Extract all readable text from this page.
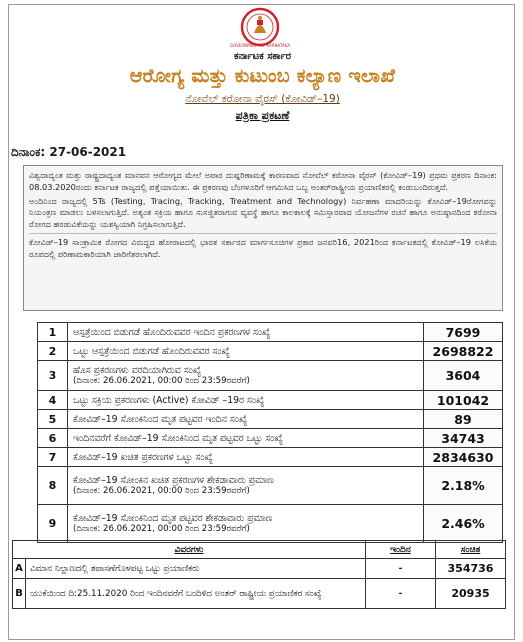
GOVERNMENT OF KARNATAKA
ಕರ್ನಾಟಕ ಸರ್ಕಾರ
ಆರೋಗ್ಯ ಮತ್ತು ಕುಟುಂಬ ಕಲ್ಯಾಣ ಇಲಾಖೆ
ನೋವೆಲ್ ಕರೋನಾ ವೈರಸ್ (ಕೋವಿಡ್–19)
ಪತ್ರಿಕಾ ಪ್ರಕಟಣೆ
ದಿನಾಂಕ: 27-06-2021

ವಿಶ್ವದಾದ್ಯಂತ ಮತ್ತು ರಾಷ್ಟ್ರದಾದ್ಯಂತ ಮಾನವನ ಆರೋಗ್ಯದ ಮೇಲೆ ಅಪಾರ ದುಷ್ಪರಿಣಾಮಕ್ಕೆ ಕಾರಣವಾದ ನೋವೆಲ್ ಕರೋನಾ ವೈರಸ್ (ಕೋವಿಡ್–19) ಪ್ರಥಮ ಪ್ರಕರಣ ದಿನಾಂಕ: 08.03.2020ರಂದು ಕರ್ನಾಟಕ ರಾಜ್ಯದಲ್ಲಿ ಪತ್ತೆಯಾಯಿತು. ಈ ಪ್ರಕರಣವು ಬೆಂಗಳೂರಿಗೆ ಆಗಮಿಸಿದ ಒಬ್ಬ ಅಂತರ್‌ರಾಷ್ಟ್ರೀಯ ಪ್ರಯಾಣಿಕರಲ್ಲಿ ಕಂಡುಬಂದಿರುತ್ತದೆ.

ಅಂದಿನಿಂದ ರಾಜ್ಯದಲ್ಲಿ 5Ts (Testing, Tracing, Tracking, Treatment and Technology) ನಿರ್ವಹಣಾ ಮಾದರಿಯನ್ನು ಕೋವಿಡ್–19ರೋಗವನ್ನು ನಿಯಂತ್ರಣ ಮಾಡಲು ಬಳಸಲಾಗುತ್ತಿದೆ. ಅತ್ಯಂತ ಸಕ್ರಿಯ ಹಾಗೂ ಸುಸಜ್ಜಿತರಾಗುವ ವ್ಯವಸ್ಥೆ ಹಾಗೂ ಕಾಲಕಾಲಕ್ಕೆ ಸಮಿಸ್ತಾರವಾದ ಯೋಜನೆಗಳ ರಚನೆ ಹಾಗೂ ಅನುಷ್ಠಾನದಿಂದ ಕರೋನಾ ರೋಗದ ಹರಡುವಿಕೆಯನ್ನು ಯಶಸ್ವಿಯಾಗಿ ನಿಗ್ರಹಿಸಲಾಗುತ್ತಿದೆ.

ಕೋವಿಡ್–19 ಸಾಂಕ್ರಾಮಿಕ ರೋಗದ ವಿರುದ್ಧದ ಹೋರಾಟದಲ್ಲಿ ಭಾರತ ಸರ್ಕಾರದ ಮಾರ್ಗಸೂಚಿಗಳ ಪ್ರಕಾರ ಜನವರಿ16, 2021ರಿಂದ ಕರ್ನಾಟಕದಲ್ಲಿ ಕೋವಿಡ್–19 ಲಸಿಕೆಯ ರೂಪದಲ್ಲಿ ಪರಿಣಾಮಕಾರಿಯಾಗಿ ಜಾರಿಗೆತರಲಾಗಿದೆ.

1	ಆಸ್ಪತ್ರೆಯಿಂದ ಬಿಡುಗಡೆ ಹೊಂದಿರುವವರ ಇಂದಿನ ಪ್ರಕರಣಗಳ ಸಂಖ್ಯೆ	7699
2	ಒಟ್ಟು ಆಸ್ಪತ್ರೆಯಿಂದ ಬಿಡುಗಡೆ ಹೊಂದಿರುವವರ ಸಂಖ್ಯೆ	2698822
3	ಹೊಸ ಪ್ರಕರಣಗಳು ವರದಿಯಾಗಿರುವ ಸಂಖ್ಯೆ
(ದಿನಾಂಕ: 26.06.2021, 00:00 ರಿಂದ 23:59ರವರೆಗೆ)	3604
4	ಒಟ್ಟು ಸಕ್ರಿಯ ಪ್ರಕರಣಗಳು (Active) ಕೋವಿಡ್ –19ರ ಸಂಖ್ಯೆ	101042
5	ಕೋವಿಡ್–19 ಸೋಂಕಿನಿಂದ ಮೃತ ಪಟ್ಟವರ ಇಂದಿನ ಸಂಖ್ಯೆ	89
6	ಇಂದಿನವರೆಗೆ ಕೋವಿಡ್–19 ಸೋಂಕಿನಿಂದ ಮೃತ ಪಟ್ಟವರ ಒಟ್ಟು ಸಂಖ್ಯೆ	34743
7	ಕೋವಿಡ್–19 ಖಚಿತ ಪ್ರಕರಣಗಳ ಒಟ್ಟು ಸಂಖ್ಯೆ	2834630
8	ಕೋವಿಡ್–19 ಸೋಂಕಿನ ಖಚಿತ ಪ್ರಕರಣಗಳ ಶೇಕಡಾವಾರು ಪ್ರಮಾಣ
(ದಿನಾಂಕ: 26.06.2021, 00:00 ರಿಂದ 23:59ರವರೆಗೆ)	2.18%
9	ಕೋವಿಡ್–19 ಸೋಂಕಿನಿಂದ ಮೃತ ಪಟ್ಟವರ ಶೇಕಡಾವಾರು ಪ್ರಮಾಣ
(ದಿನಾಂಕ: 26.06.2021, 00:00 ರಿಂದ 23:59ರವರೆಗೆ)	2.46%
ವಿವರಗಳು		ಇಂದಿನ	ಸಂಚಿತ
A	ವಿಮಾನ ನಿಲ್ದಾಣದಲ್ಲಿ ತಪಾಸಣೆಗೊಳಪಟ್ಟ ಒಟ್ಟು ಪ್ರಯಾಣಿಕರು	-	354736
B	ಯುಕೆಯಿಂದ ದಿ:25.11.2020 ರಿಂದ ಇಂದಿನವರೆಗೆ ಬಂದಿಳಿದ ಅಂತರ್ ರಾಷ್ಟ್ರೀಯ ಪ್ರಯಾಣಿಕರ ಸಂಖ್ಯೆ	-	20935
